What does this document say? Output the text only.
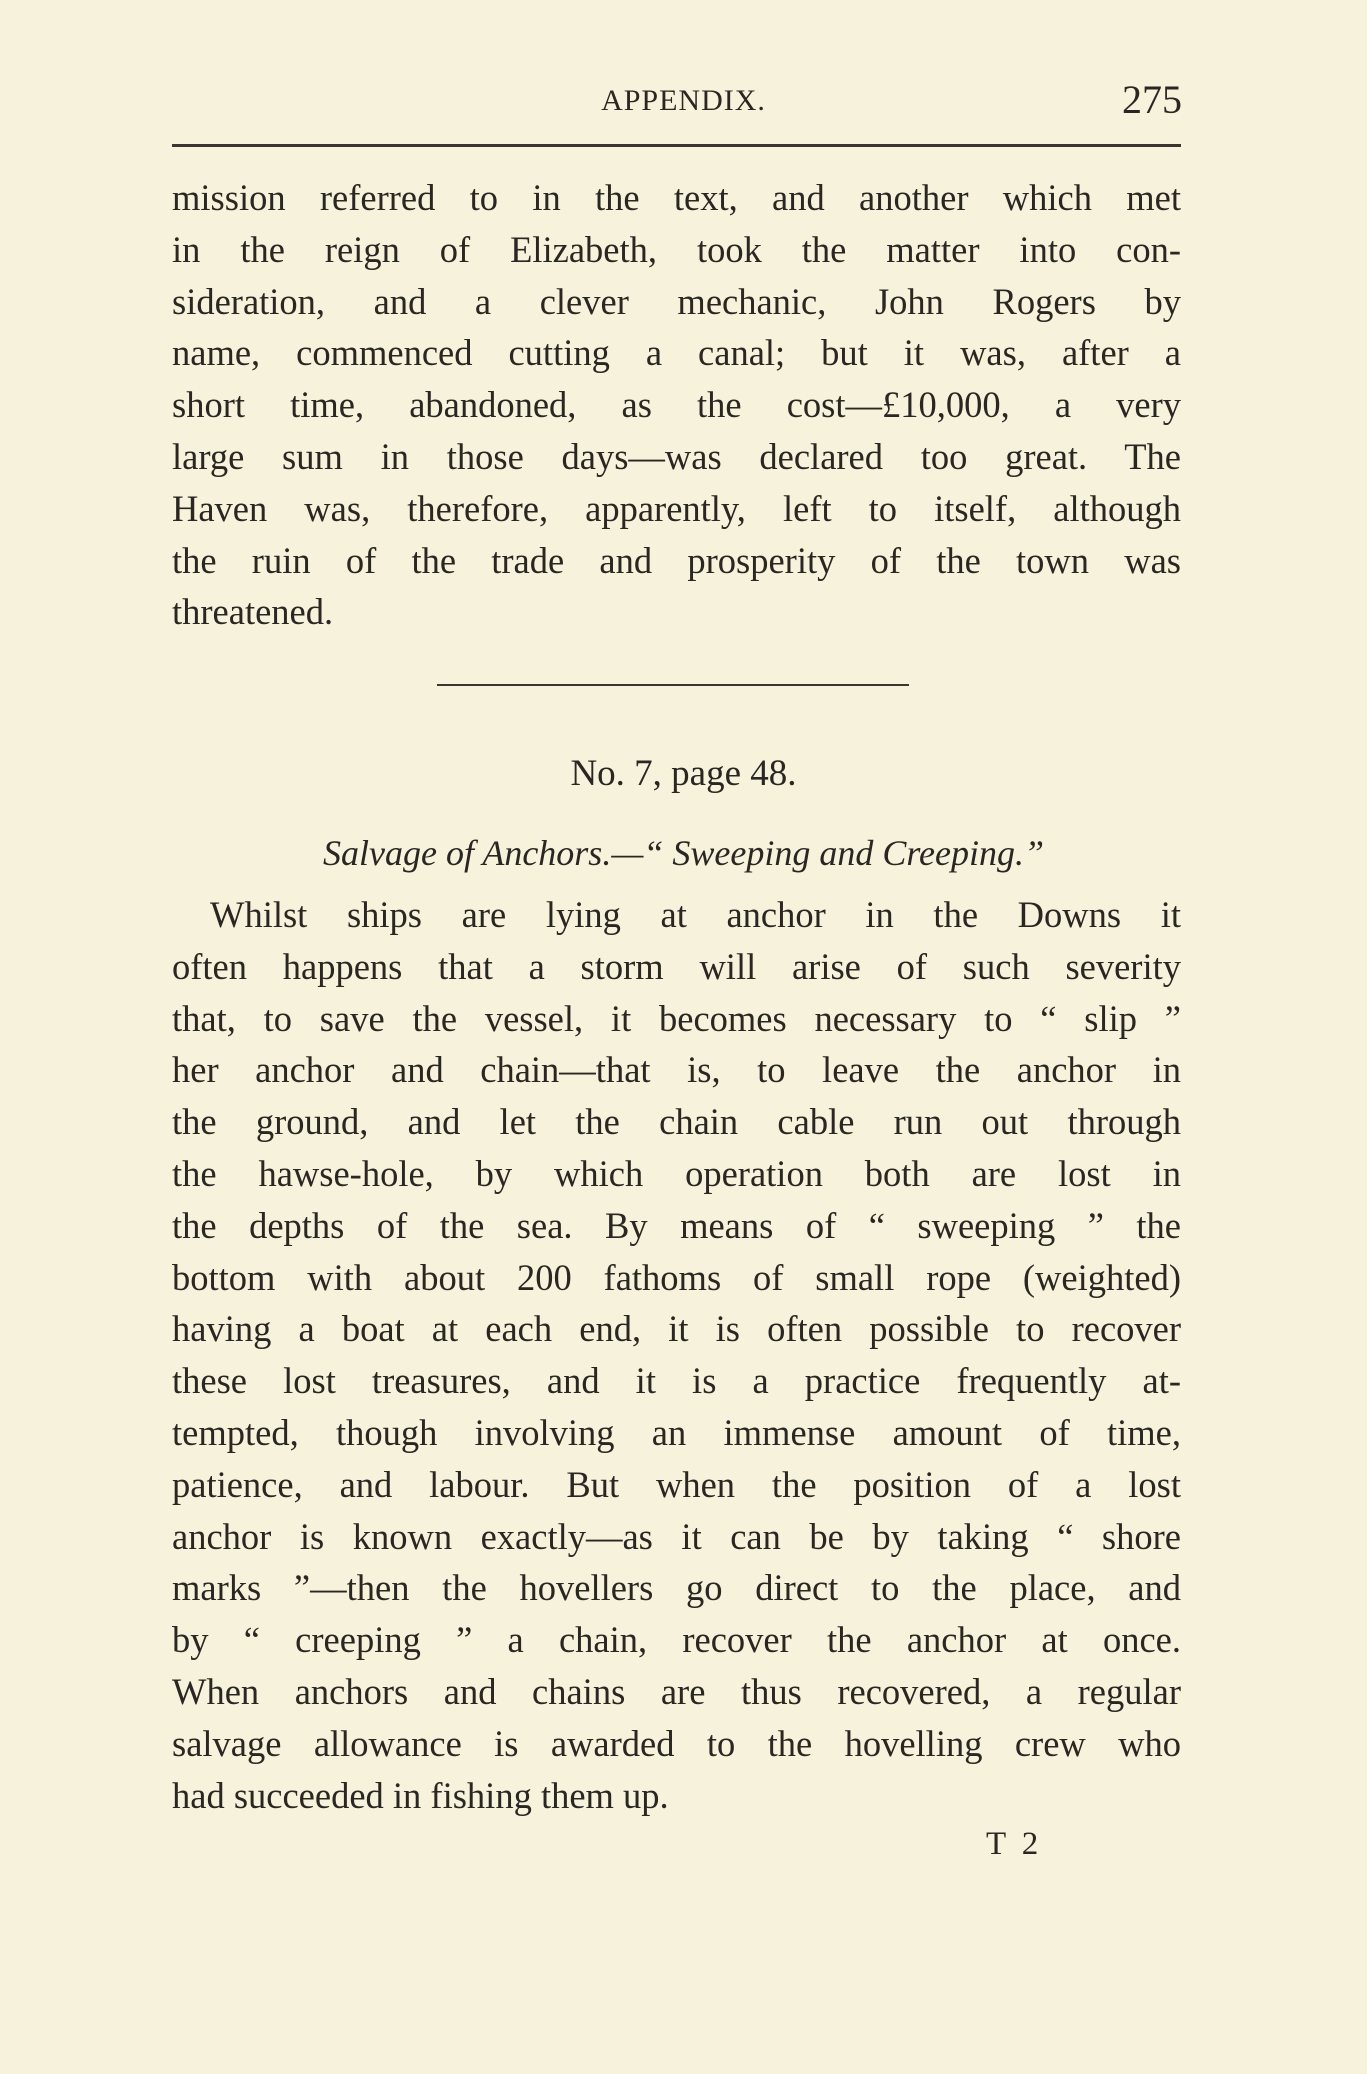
APPENDIX.	275
mission referred to in the text, and another which met
in the reign of Elizabeth, took the matter into con-
sideration, and a clever mechanic, John Rogers by
name, commenced cutting a canal; but it was, after a
short time, abandoned, as the cost—£10,000, a very
large sum in those days—was declared too great. The
Haven was, therefore, apparently, left to itself, although
the ruin of the trade and prosperity of the town was
threatened.
No. 7, page 48.
Salvage of Anchors.—“ Sweeping and Creeping.”
Whilst ships are lying at anchor in the Downs it
often happens that a storm will arise of such severity
that, to save the vessel, it becomes necessary to “ slip ”
her anchor and chain—that is, to leave the anchor in
the ground, and let the chain cable run out through
the hawse-hole, by which operation both are lost in
the depths of the sea. By means of “ sweeping ” the
bottom with about 200 fathoms of small rope (weighted)
having a boat at each end, it is often possible to recover
these lost treasures, and it is a practice frequently at-
tempted, though involving an immense amount of time,
patience, and labour. But when the position of a lost
anchor is known exactly—as it can be by taking “ shore
marks ”—then the hovellers go direct to the place, and
by “ creeping ” a chain, recover the anchor at once.
When anchors and chains are thus recovered, a regular
salvage allowance is awarded to the hovelling crew who
had succeeded in fishing them up.
T 2
